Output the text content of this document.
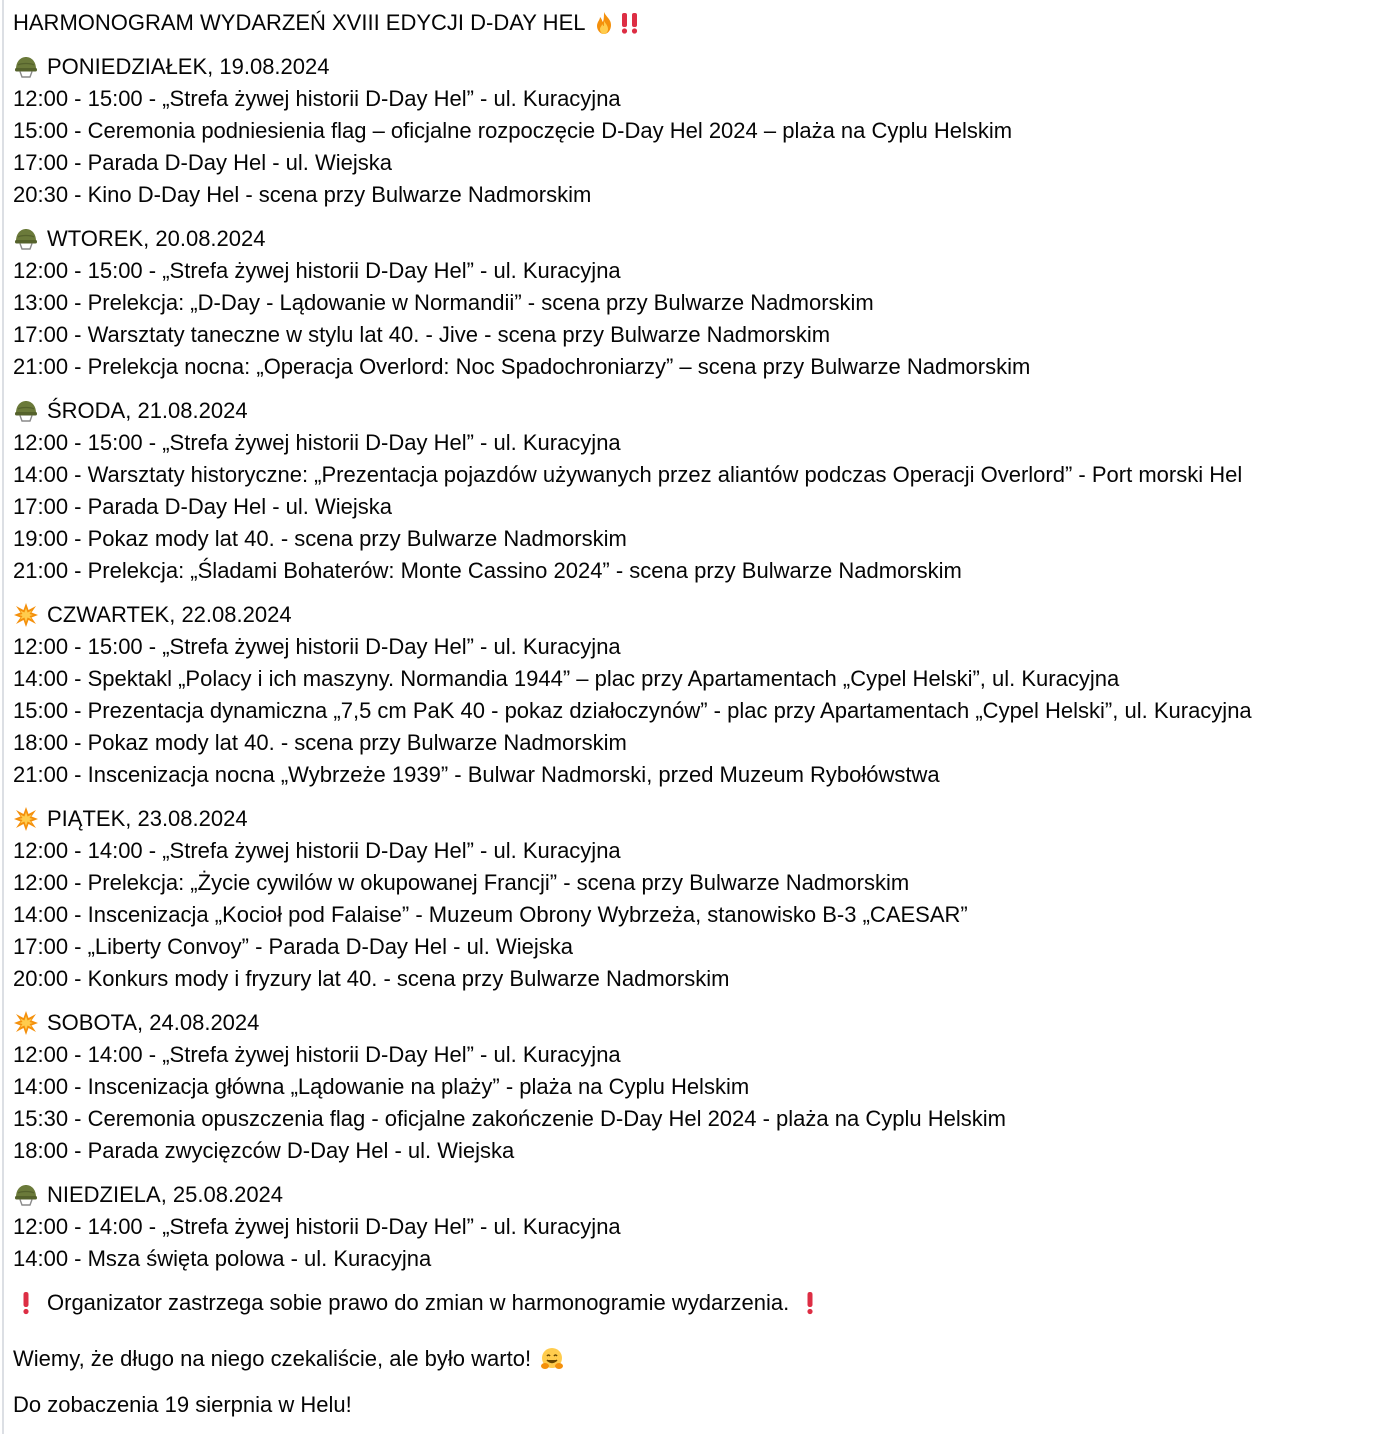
HARMONOGRAM WYDARZEŃ XVIII EDYCJI D-DAY HEL
PONIEDZIAŁEK, 19.08.2024
12:00 - 15:00 - „Strefa żywej historii D-Day Hel” - ul. Kuracyjna
15:00 - Ceremonia podniesienia flag – oficjalne rozpoczęcie D-Day Hel 2024 – plaża na Cyplu Helskim
17:00 - Parada D-Day Hel - ul. Wiejska
20:30 - Kino D-Day Hel - scena przy Bulwarze Nadmorskim
WTOREK, 20.08.2024
12:00 - 15:00 - „Strefa żywej historii D-Day Hel” - ul. Kuracyjna
13:00 - Prelekcja: „D-Day - Lądowanie w Normandii” - scena przy Bulwarze Nadmorskim
17:00 - Warsztaty taneczne w stylu lat 40. - Jive - scena przy Bulwarze Nadmorskim
21:00 - Prelekcja nocna: „Operacja Overlord: Noc Spadochroniarzy” – scena przy Bulwarze Nadmorskim
ŚRODA, 21.08.2024
12:00 - 15:00 - „Strefa żywej historii D-Day Hel” - ul. Kuracyjna
14:00 - Warsztaty historyczne: „Prezentacja pojazdów używanych przez aliantów podczas Operacji Overlord” - Port morski Hel
17:00 - Parada D-Day Hel - ul. Wiejska
19:00 - Pokaz mody lat 40. - scena przy Bulwarze Nadmorskim
21:00 - Prelekcja: „Śladami Bohaterów: Monte Cassino 2024” - scena przy Bulwarze Nadmorskim
CZWARTEK, 22.08.2024
12:00 - 15:00 - „Strefa żywej historii D-Day Hel” - ul. Kuracyjna
14:00 - Spektakl „Polacy i ich maszyny. Normandia 1944” – plac przy Apartamentach „Cypel Helski”, ul. Kuracyjna
15:00 - Prezentacja dynamiczna „7,5 cm PaK 40 - pokaz działoczynów” - plac przy Apartamentach „Cypel Helski”, ul. Kuracyjna
18:00 - Pokaz mody lat 40. - scena przy Bulwarze Nadmorskim
21:00 - Inscenizacja nocna „Wybrzeże 1939” - Bulwar Nadmorski, przed Muzeum Rybołówstwa
PIĄTEK, 23.08.2024
12:00 - 14:00 - „Strefa żywej historii D-Day Hel” - ul. Kuracyjna
12:00 - Prelekcja: „Życie cywilów w okupowanej Francji” - scena przy Bulwarze Nadmorskim
14:00 - Inscenizacja „Kocioł pod Falaise” - Muzeum Obrony Wybrzeża, stanowisko B-3 „CAESAR”
17:00 - „Liberty Convoy” - Parada D-Day Hel - ul. Wiejska
20:00 - Konkurs mody i fryzury lat 40. - scena przy Bulwarze Nadmorskim
SOBOTA, 24.08.2024
12:00 - 14:00 - „Strefa żywej historii D-Day Hel” - ul. Kuracyjna
14:00 - Inscenizacja główna „Lądowanie na plaży” - plaża na Cyplu Helskim
15:30 - Ceremonia opuszczenia flag - oficjalne zakończenie D-Day Hel 2024 - plaża na Cyplu Helskim
18:00 - Parada zwycięzców D-Day Hel - ul. Wiejska
NIEDZIELA, 25.08.2024
12:00 - 14:00 - „Strefa żywej historii D-Day Hel” - ul. Kuracyjna
14:00 - Msza święta polowa - ul. Kuracyjna
Organizator zastrzega sobie prawo do zmian w harmonogramie wydarzenia.
Wiemy, że długo na niego czekaliście, ale było warto!
Do zobaczenia 19 sierpnia w Helu!
